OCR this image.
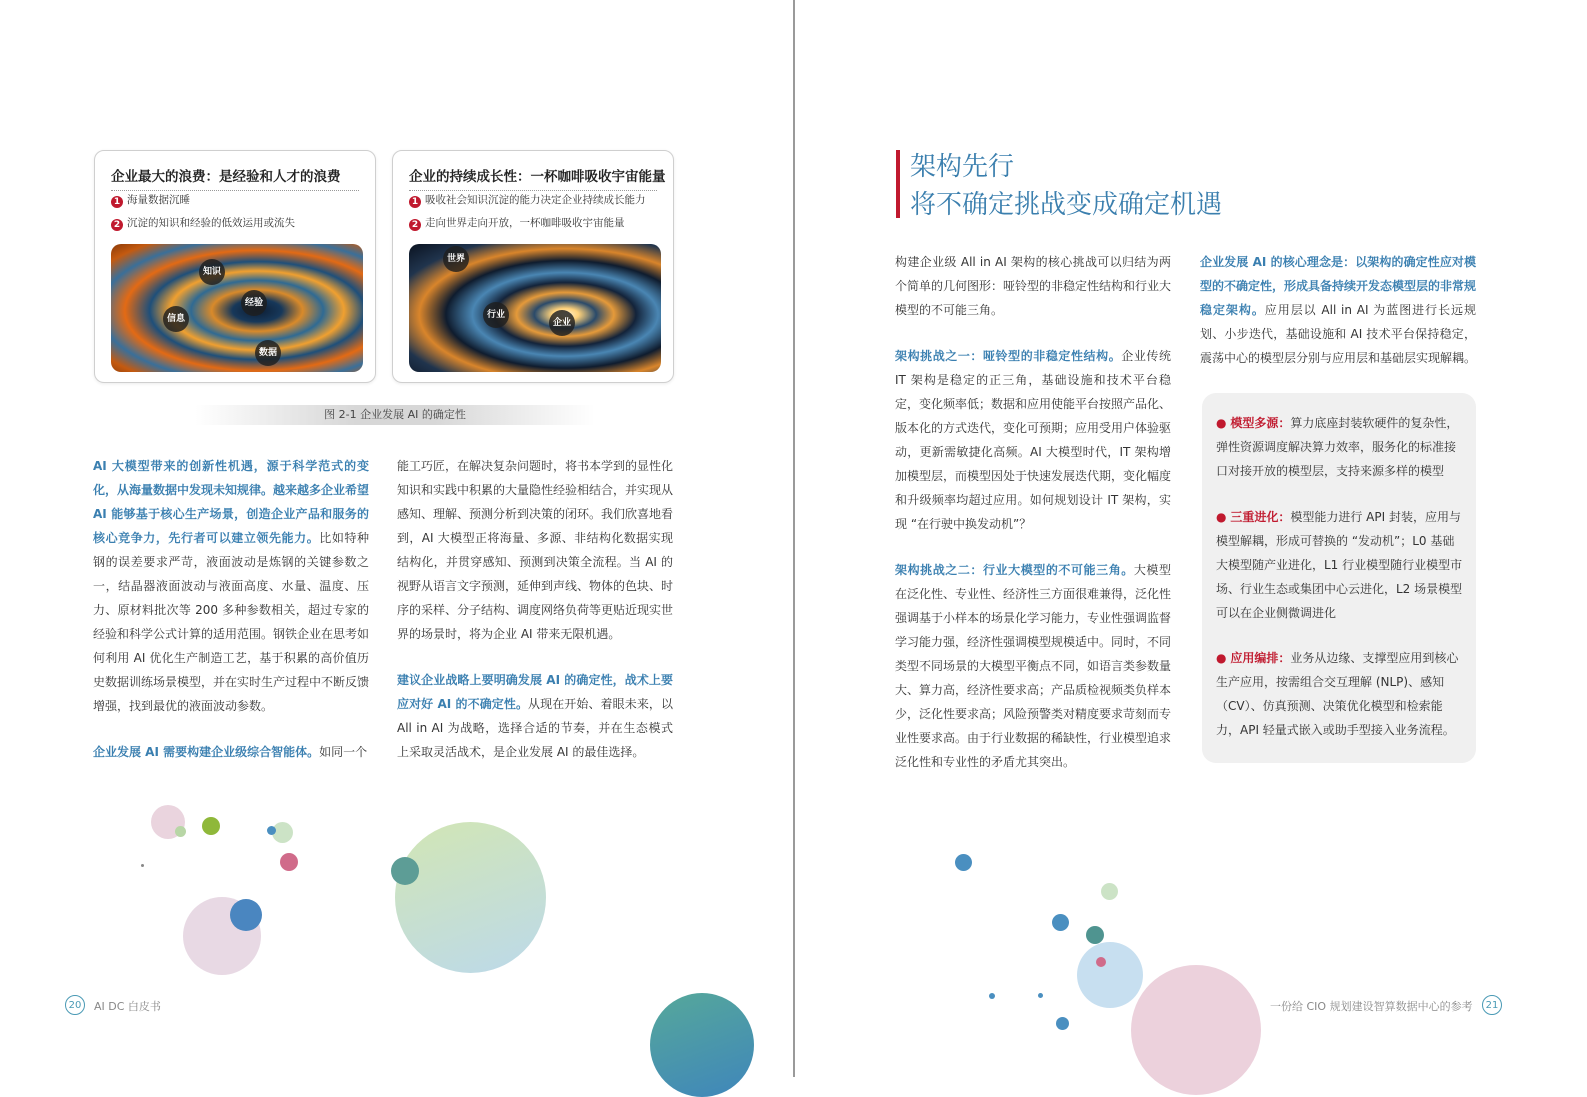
企业最大的浪费：是经验和人才的浪费
1 海量数据沉睡
2 沉淀的知识和经验的低效运用或流失
知识
经验
信息
数据
企业的持续成长性：一杯咖啡吸收宇宙能量
1 吸收社会知识沉淀的能力决定企业持续成长能力
2 走向世界走向开放，一杯咖啡吸收宇宙能量
世界
行业
企业
图 2-1 企业发展 AI 的确定性

AI 大模型带来的创新性机遇，源于科学范式的变化，从海量数据中发现未知规律。越来越多企业希望 AI 能够基于核心生产场景，创造企业产品和服务的核心竞争力，先行者可以建立领先能力。比如特种钢的误差要求严苛，液面波动是炼钢的关键参数之一，结晶器液面波动与液面高度、水量、温度、压力、原材料批次等 200 多种参数相关，超过专家的经验和科学公式计算的适用范围。钢铁企业在思考如何利用 AI 优化生产制造工艺，基于积累的高价值历史数据训练场景模型，并在实时生产过程中不断反馈增强，找到最优的液面波动参数。

企业发展 AI 需要构建企业级综合智能体。如同一个

能工巧匠，在解决复杂问题时，将书本学到的显性化知识和实践中积累的大量隐性经验相结合，并实现从感知、理解、预测分析到决策的闭环。我们欣喜地看到，AI 大模型正将海量、多源、非结构化数据实现结构化，并贯穿感知、预测到决策全流程。当 AI 的视野从语言文字预测，延伸到声线、物体的色块、时序的采样、分子结构、调度网络负荷等更贴近现实世界的场景时，将为企业 AI 带来无限机遇。

建议企业战略上要明确发展 AI 的确定性，战术上要应对好 AI 的不确定性。从现在开始、着眼未来，以 All in AI 为战略，选择合适的节奏，并在生态模式上采取灵活战术，是企业发展 AI 的最佳选择。

20	AI DC 白皮书
架构先行
将不确定挑战变成确定机遇

构建企业级 All in AI 架构的核心挑战可以归结为两个简单的几何图形：哑铃型的非稳定性结构和行业大模型的不可能三角。

架构挑战之一：哑铃型的非稳定性结构。企业传统 IT 架构是稳定的正三角，基础设施和技术平台稳定，变化频率低；数据和应用使能平台按照产品化、版本化的方式迭代，变化可预期；应用受用户体验驱动，更新需敏捷化高频。AI 大模型时代，IT 架构增加模型层，而模型因处于快速发展迭代期，变化幅度和升级频率均超过应用。如何规划设计 IT 架构，实现 “在行驶中换发动机”？

架构挑战之二：行业大模型的不可能三角。大模型在泛化性、专业性、经济性三方面很难兼得，泛化性强调基于小样本的场景化学习能力，专业性强调监督学习能力强，经济性强调模型规模适中。同时，不同类型不同场景的大模型平衡点不同，如语言类参数量大、算力高，经济性要求高；产品质检视频类负样本少，泛化性要求高；风险预警类对精度要求苛刻而专业性要求高。由于行业数据的稀缺性，行业模型追求泛化性和专业性的矛盾尤其突出。

企业发展 AI 的核心理念是：以架构的确定性应对模型的不确定性，形成具备持续开发态模型层的非常规稳定架构。应用层以 All in AI 为蓝图进行长远规划、小步迭代，基础设施和 AI 技术平台保持稳定，震荡中心的模型层分别与应用层和基础层实现解耦。

● 模型多源：算力底座封装软硬件的复杂性，弹性资源调度解决算力效率，服务化的标准接口对接开放的模型层，支持来源多样的模型
● 三重进化：模型能力进行 API 封装，应用与模型解耦，形成可替换的 “发动机”；L0 基础大模型随产业进化，L1 行业模型随行业模型市场、行业生态或集团中心云进化，L2 场景模型可以在企业侧微调进化
● 应用编排：业务从边缘、支撑型应用到核心生产应用，按需组合交互理解 (NLP)、感知（CV）、仿真预测、决策优化模型和检索能力，API 轻量式嵌入或助手型接入业务流程。
一份给 CIO 规划建设智算数据中心的参考	21
